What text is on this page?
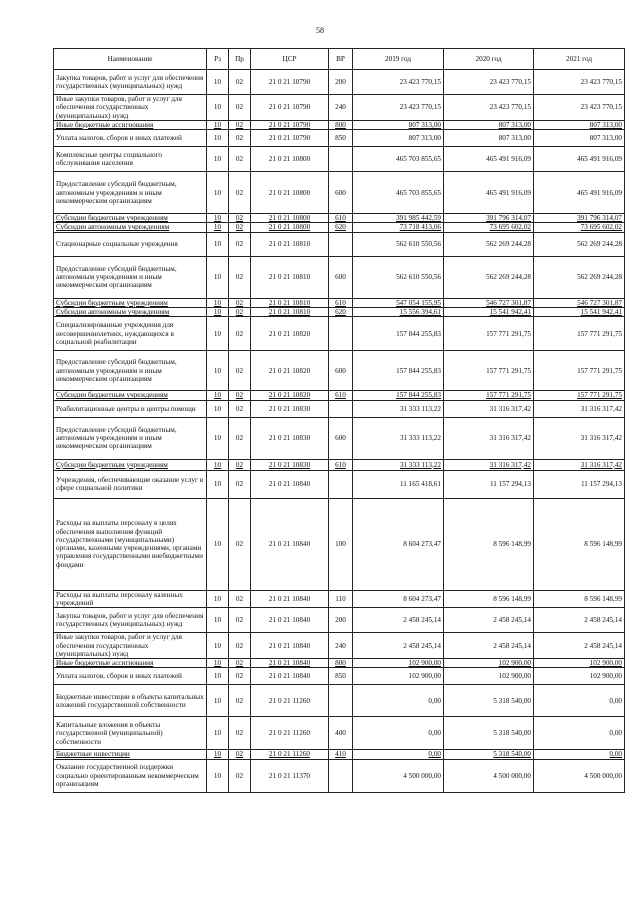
58
Наименование	Рз	Пр	ЦСР	ВР	2019 год	2020 год	2021 год
Закупка товаров, работ и услуг для обеспечения государственных (муниципальных) нужд	10	02	21 0 21 10790	200	23 423 770,15	23 423 770,15	23 423 770,15
Иные закупки товаров, работ и услуг для обеспечения государственных (муниципальных) нужд	10	02	21 0 21 10790	240	23 423 770,15	23 423 770,15	23 423 770,15
Иные бюджетные ассигнования	10	02	21 0 21 10790	800	807 313,00	807 313,00	807 313,00
Уплата налогов, сборов и иных платежей	10	02	21 0 21 10790	850	807 313,00	807 313,00	807 313,00
Комплексные центры социального обслуживания населения	10	02	21 0 21 10800		465 703 855,65	465 491 916,09	465 491 916,09
Предоставление субсидий бюджетным, автономным учреждениям и иным некоммерческим организациям	10	02	21 0 21 10800	600	465 703 855,65	465 491 916,09	465 491 916,09
Субсидии бюджетным учреждениям	10	02	21 0 21 10800	610	391 985 442,59	391 796 314,07	391 796 314,07
Субсидии автономным учреждениям	10	02	21 0 21 10800	620	73 718 413,06	73 695 602,02	73 695 602,02
Стационарные социальные учреждения	10	02	21 0 21 10810		562 610 550,56	562 269 244,28	562 269 244,28
Предоставление субсидий бюджетным, автономным учреждениям и иным некоммерческим организациям	10	02	21 0 21 10810	600	562 610 550,56	562 269 244,28	562 269 244,28
Субсидии бюджетным учреждениям	10	02	21 0 21 10810	610	547 054 155,95	546 727 301,87	546 727 301,87
Субсидии автономным учреждениям	10	02	21 0 21 10810	620	15 556 394,61	15 541 942,41	15 541 942,41
Специализированные учреждения для несовершеннолетних, нуждающихся в социальной реабилитации	10	02	21 0 21 10820		157 844 255,83	157 771 291,75	157 771 291,75
Предоставление субсидий бюджетным, автономным учреждениям и иным некоммерческим организациям	10	02	21 0 21 10820	600	157 844 255,83	157 771 291,75	157 771 291,75
Субсидии бюджетным учреждениям	10	02	21 0 21 10820	610	157 844 255,83	157 771 291,75	157 771 291,75
Реабилитационные центры и центры помощи	10	02	21 0 21 10830		31 333 113,22	31 316 317,42	31 316 317,42
Предоставление субсидий бюджетным, автономным учреждениям и иным некоммерческим организациям	10	02	21 0 21 10830	600	31 333 113,22	31 316 317,42	31 316 317,42
Субсидии бюджетным учреждениям	10	02	21 0 21 10830	610	31 333 113,22	31 316 317,42	31 316 317,42
Учреждения, обеспечивающие оказание услуг в сфере социальной политики	10	02	21 0 21 10840		11 165 418,61	11 157 294,13	11 157 294,13
Расходы на выплаты персоналу в целях обеспечения выполнения функций государственными (муниципальными) органами, казенными учреждениями, органами управления государственными внебюджетными фондами	10	02	21 0 21 10840	100	8 604 273,47	8 596 148,99	8 596 148,99
Расходы на выплаты персоналу казенных учреждений	10	02	21 0 21 10840	110	8 604 273,47	8 596 148,99	8 596 148,99
Закупка товаров, работ и услуг для обеспечения государственных (муниципальных) нужд	10	02	21 0 21 10840	200	2 458 245,14	2 458 245,14	2 458 245,14
Иные закупки товаров, работ и услуг для обеспечения государственных (муниципальных) нужд	10	02	21 0 21 10840	240	2 458 245,14	2 458 245,14	2 458 245,14
Иные бюджетные ассигнования	10	02	21 0 21 10840	800	102 900,00	102 900,00	102 900,00
Уплата налогов, сборов и иных платежей	10	02	21 0 21 10840	850	102 900,00	102 900,00	102 900,00
Бюджетные инвестиции в объекты капитальных вложений государственной собственности	10	02	21 0 21 11260		0,00	5 318 540,00	0,00
Капитальные вложения в объекты государственной (муниципальной) собственности	10	02	21 0 21 11260	400	0,00	5 318 540,00	0,00
Бюджетные инвестиции	10	02	21 0 21 11260	410	0,00	5 318 540,00	0,00
Оказание государственной поддержки социально ориентированным некоммерческим организациям	10	02	21 0 21 11370		4 500 000,00	4 500 000,00	4 500 000,00
